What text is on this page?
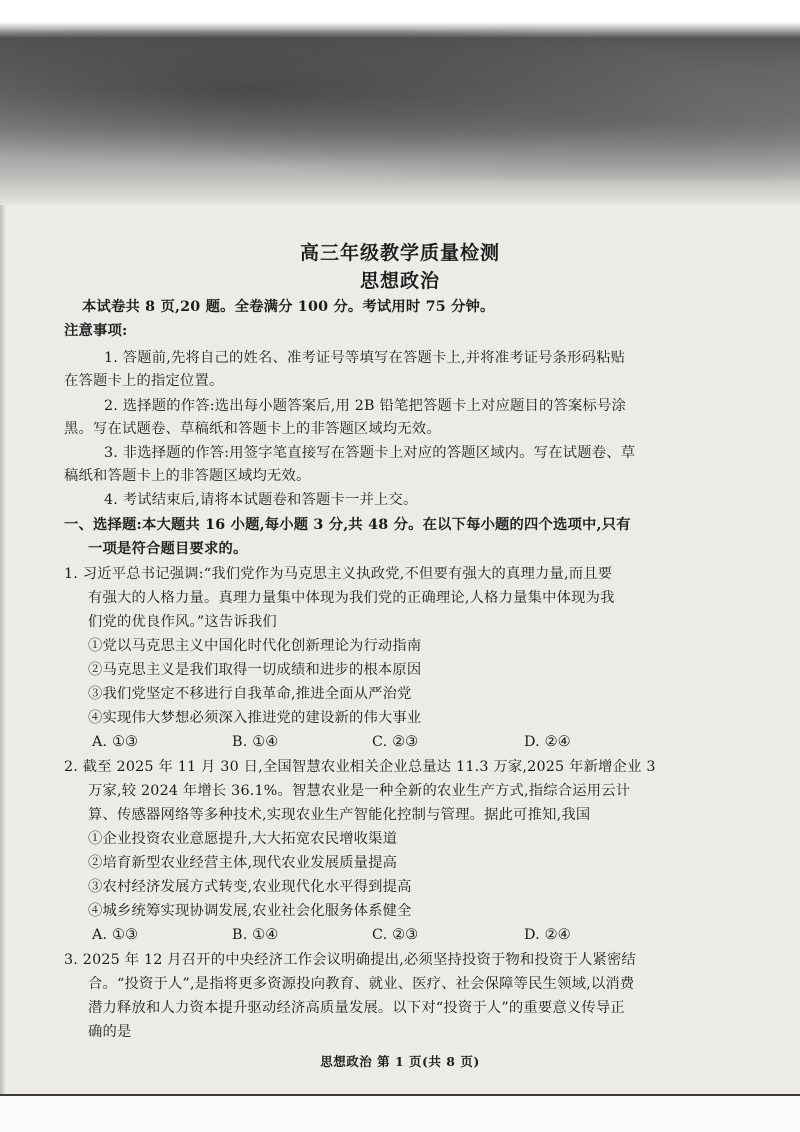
高三年级教学质量检测
思想政治
本试卷共 8 页,20 题。全卷满分 100 分。考试用时 75 分钟。
注意事项:
1. 答题前,先将自己的姓名、准考证号等填写在答题卡上,并将准考证号条形码粘贴
在答题卡上的指定位置。
2. 选择题的作答:选出每小题答案后,用 2B 铅笔把答题卡上对应题目的答案标号涂
黑。写在试题卷、草稿纸和答题卡上的非答题区域均无效。
3. 非选择题的作答:用签字笔直接写在答题卡上对应的答题区域内。写在试题卷、草
稿纸和答题卡上的非答题区域均无效。
4. 考试结束后,请将本试题卷和答题卡一并上交。
一、选择题:本大题共 16 小题,每小题 3 分,共 48 分。在以下每小题的四个选项中,只有
一项是符合题目要求的。
1. 习近平总书记强调:“我们党作为马克思主义执政党,不但要有强大的真理力量,而且要
有强大的人格力量。真理力量集中体现为我们党的正确理论,人格力量集中体现为我
们党的优良作风。”这告诉我们
①党以马克思主义中国化时代化创新理论为行动指南
②马克思主义是我们取得一切成绩和进步的根本原因
③我们党坚定不移进行自我革命,推进全面从严治党
④实现伟大梦想必须深入推进党的建设新的伟大事业
A. ①③	B. ①④	C. ②③	D. ②④
2. 截至 2025 年 11 月 30 日,全国智慧农业相关企业总量达 11.3 万家,2025 年新增企业 3
万家,较 2024 年增长 36.1%。智慧农业是一种全新的农业生产方式,指综合运用云计
算、传感器网络等多种技术,实现农业生产智能化控制与管理。据此可推知,我国
①企业投资农业意愿提升,大大拓宽农民增收渠道
②培育新型农业经营主体,现代农业发展质量提高
③农村经济发展方式转变,农业现代化水平得到提高
④城乡统筹实现协调发展,农业社会化服务体系健全
A. ①③	B. ①④	C. ②③	D. ②④
3. 2025 年 12 月召开的中央经济工作会议明确提出,必须坚持投资于物和投资于人紧密结
合。“投资于人”,是指将更多资源投向教育、就业、医疗、社会保障等民生领域,以消费
潜力释放和人力资本提升驱动经济高质量发展。以下对“投资于人”的重要意义传导正
确的是
思想政治 第 1 页(共 8 页)
